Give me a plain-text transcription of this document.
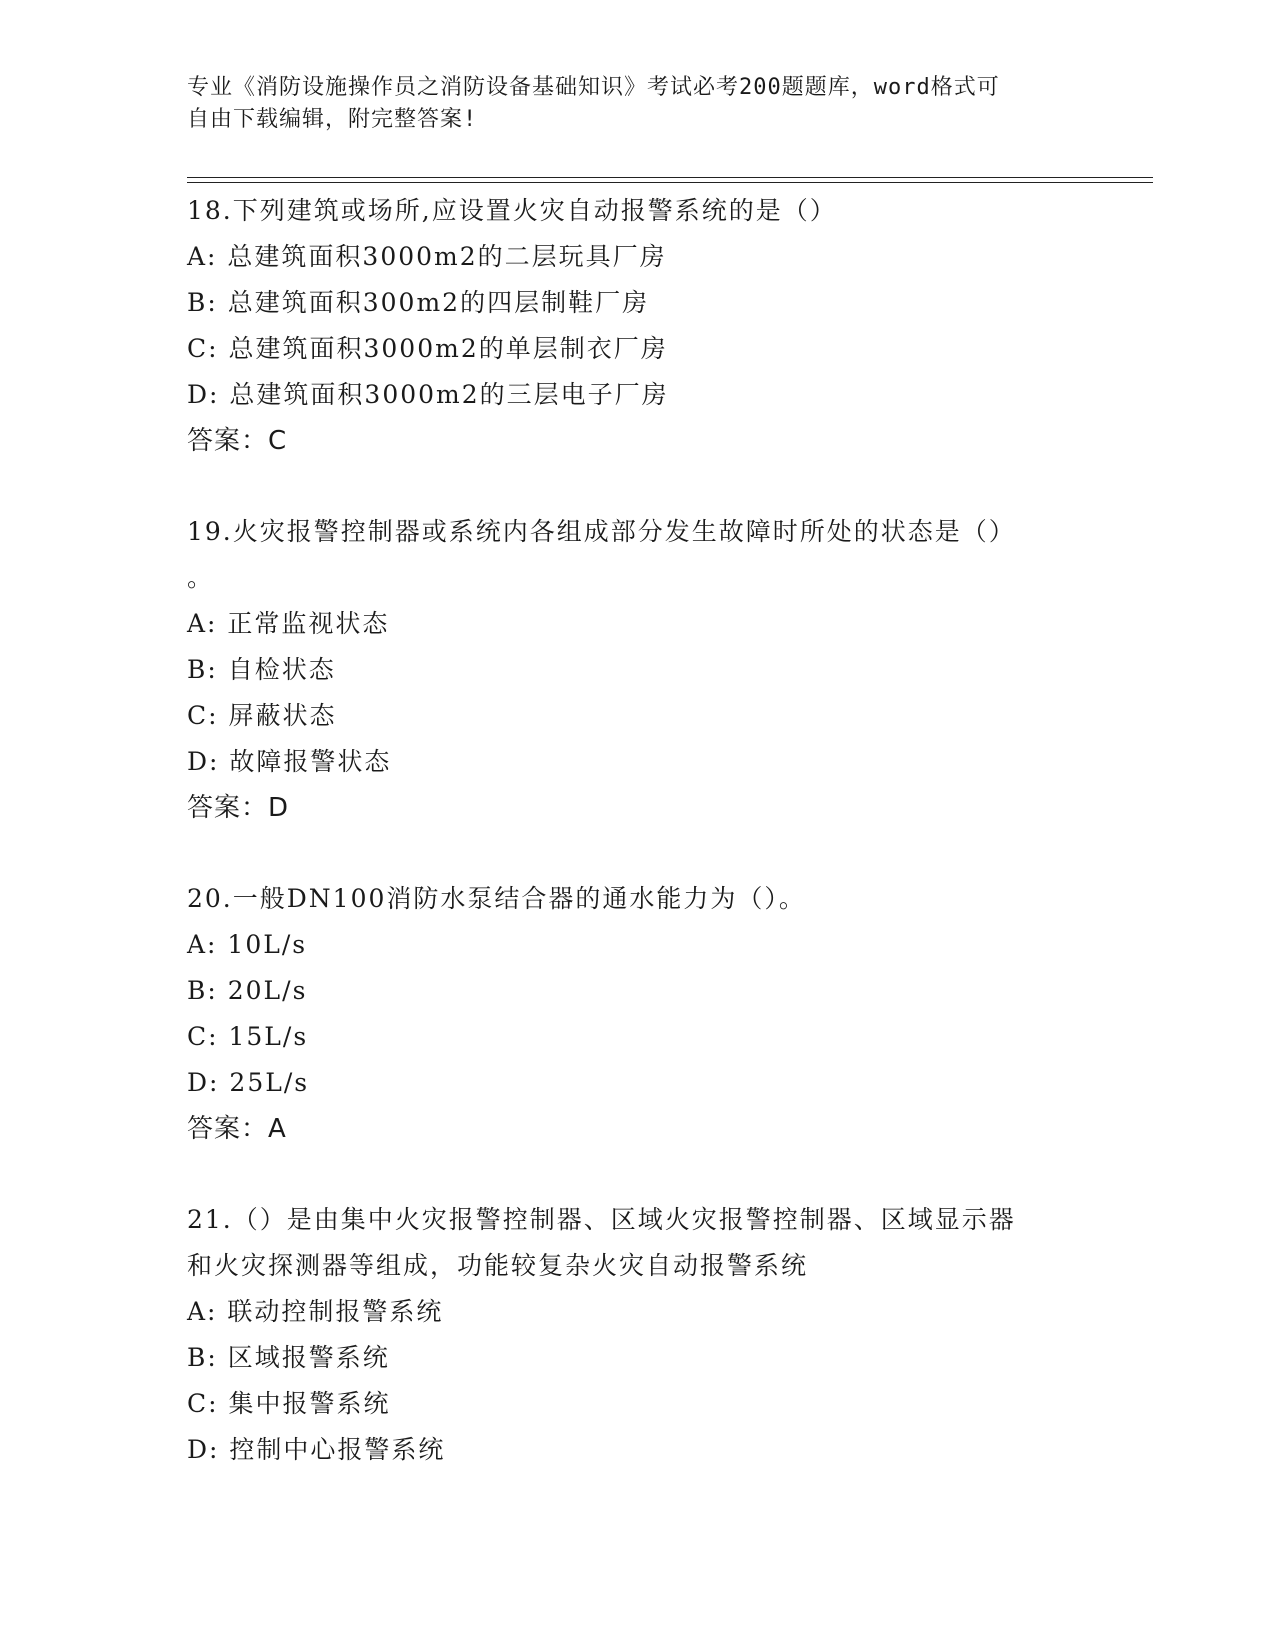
专业《消防设施操作员之消防设备基础知识》考试必考200题题库，word格式可
自由下载编辑，附完整答案!
18.下列建筑或场所,应设置火灾自动报警系统的是（）
A: 总建筑面积3000m2的二层玩具厂房
B: 总建筑面积300m2的四层制鞋厂房
C: 总建筑面积3000m2的单层制衣厂房
D: 总建筑面积3000m2的三层电子厂房
答案：C
19.火灾报警控制器或系统内各组成部分发生故障时所处的状态是（）
。
A: 正常监视状态
B: 自检状态
C: 屏蔽状态
D: 故障报警状态
答案：D
20.一般DN100消防水泵结合器的通水能力为（）。
A: 10L/s
B: 20L/s
C: 15L/s
D: 25L/s
答案：A
21.（）是由集中火灾报警控制器、区域火灾报警控制器、区域显示器
和火灾探测器等组成，功能较复杂火灾自动报警系统
A: 联动控制报警系统
B: 区域报警系统
C: 集中报警系统
D: 控制中心报警系统
